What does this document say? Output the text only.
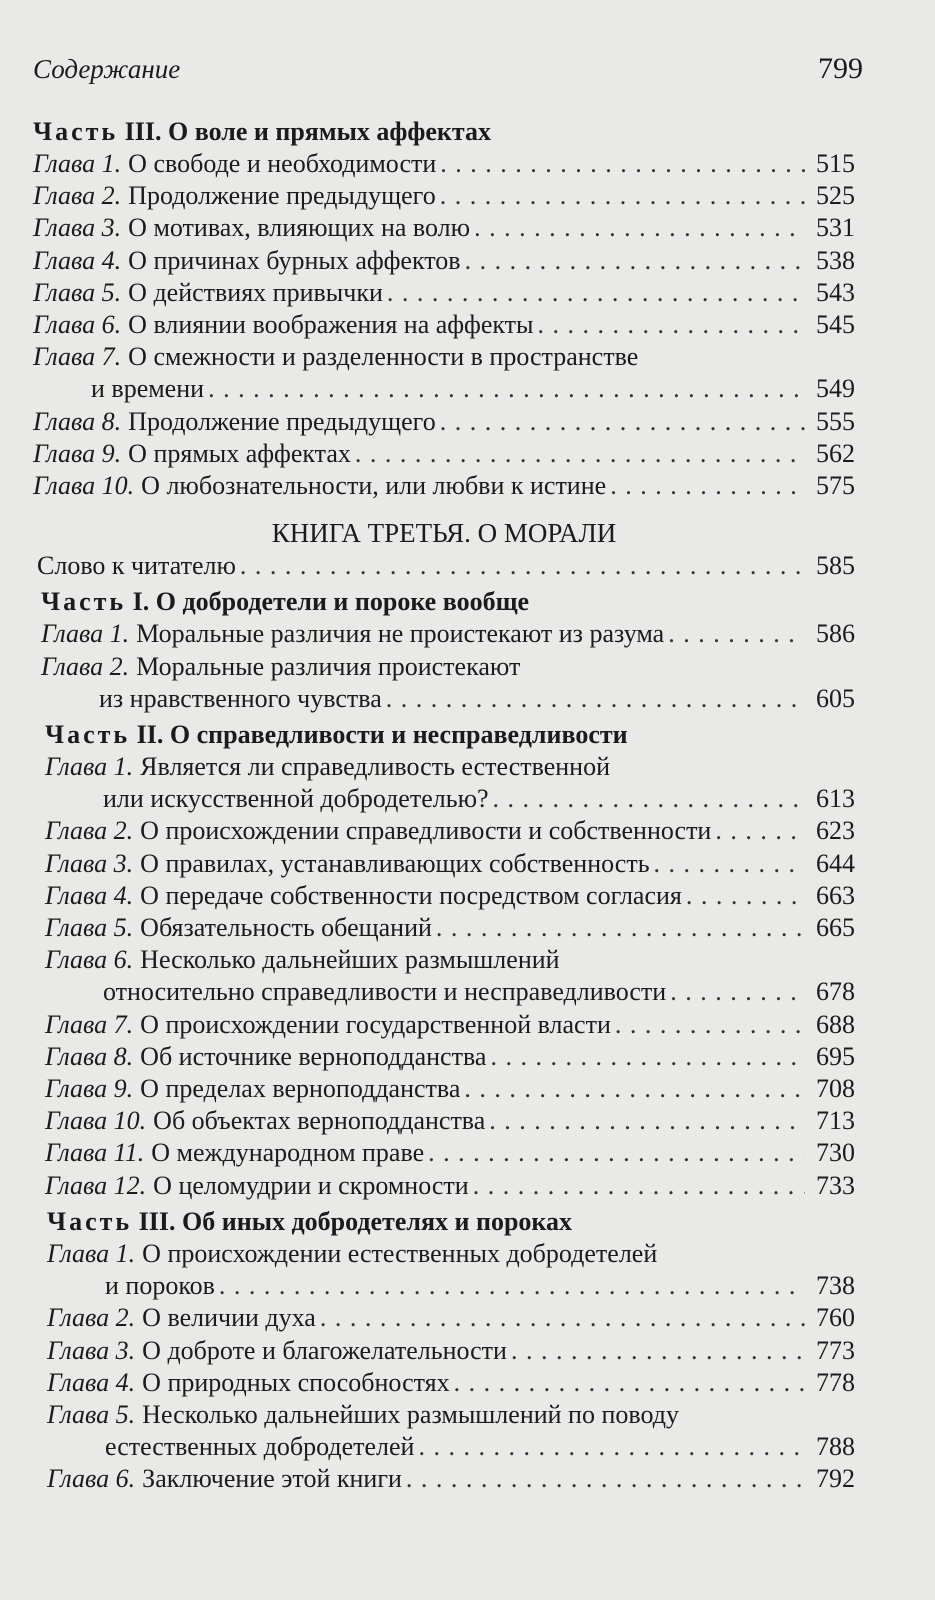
Содержание	799
Часть III. О воле и прямых аффектах
Глава 1. О свободе и необходимости . . .	515
Глава 2. Продолжение предыдущего . . .	525
Глава 3. О мотивах, влияющих на волю . . .	531
Глава 4. О причинах бурных аффектов . . .	538
Глава 5. О действиях привычки . . .	543
Глава 6. О влиянии воображения на аффекты . . .	545
Глава 7. О смежности и разделенности в пространстве
и времени . . .	549
Глава 8. Продолжение предыдущего . . .	555
Глава 9. О прямых аффектах . . .	562
Глава 10. О любознательности, или любви к истине . . .	575
КНИГА ТРЕТЬЯ. О МОРАЛИ
Слово к читателю . . .	585
Часть I. О добродетели и пороке вообще
Глава 1. Моральные различия не проистекают из разума . . .	586
Глава 2. Моральные различия проистекают
из нравственного чувства . . .	605
Часть II. О справедливости и несправедливости
Глава 1. Является ли справедливость естественной
или искусственной добродетелью? . . .	613
Глава 2. О происхождении справедливости и собственности . . .	623
Глава 3. О правилах, устанавливающих собственность . . .	644
Глава 4. О передаче собственности посредством согласия . . .	663
Глава 5. Обязательность обещаний . . .	665
Глава 6. Несколько дальнейших размышлений
относительно справедливости и несправедливости . . .	678
Глава 7. О происхождении государственной власти . . .	688
Глава 8. Об источнике верноподданства . . .	695
Глава 9. О пределах верноподданства . . .	708
Глава 10. Об объектах верноподданства . . .	713
Глава 11. О международном праве . . .	730
Глава 12. О целомудрии и скромности . . .	733
Часть III. Об иных добродетелях и пороках
Глава 1. О происхождении естественных добродетелей
и пороков . . .	738
Глава 2. О величии духа . . .	760
Глава 3. О доброте и благожелательности . . .	773
Глава 4. О природных способностях . . .	778
Глава 5. Несколько дальнейших размышлений по поводу
естественных добродетелей . . .	788
Глава 6. Заключение этой книги . . .	792
